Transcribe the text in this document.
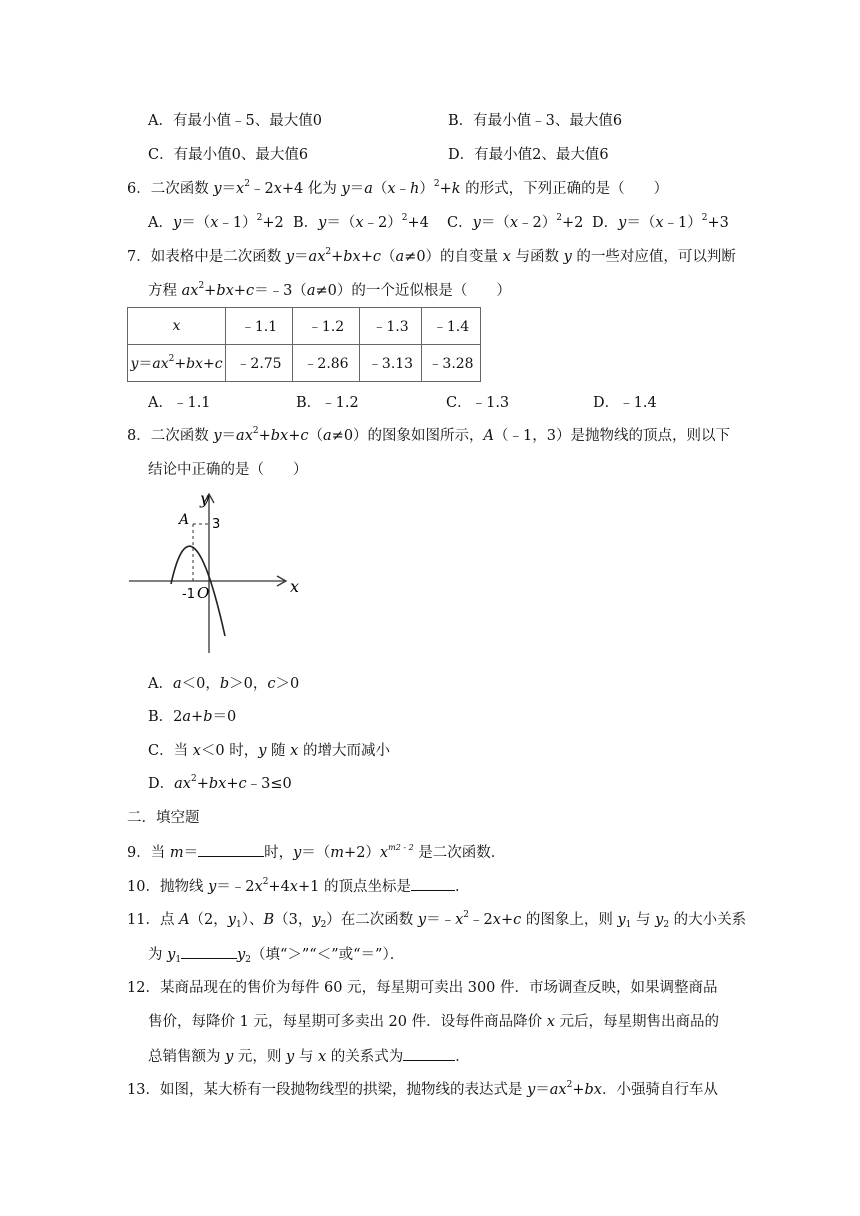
A．有最小值﹣5、最大值0	B．有最小值﹣3、最大值6
C．有最小值0、最大值6	D．有最小值2、最大值6
6．二次函数 $y=x^2﹣2x+4$ 化为 y＝a（x﹣h）$^2$+k 的形式，下列正确的是（　　）
A．y＝（x﹣1）$^2$+2 B．y＝（x﹣2）$^2$+4 C．y＝（x﹣2）$^2$+2 D．y＝（x﹣1）$^2$+3
7．如表格中是二次函数 $y=ax^2+bx+c(a\ne 0)$的自变量 x 与函数 y 的一些对应值，可以判断
方程 $ax^2+bx+c=﹣3(a\ne 0)$的一个近似根是（　　）
x	﹣1.1	﹣1.2	﹣1.3	﹣1.4
$y=ax^2+bx+c$	﹣2.75	﹣2.86	﹣3.13	﹣3.28
A．﹣1.1	B．﹣1.2	C．﹣1.3	D．﹣1.4
8．二次函数 $y=ax^2+bx+c(a\ne 0)$的图象如图所示，A（﹣1，3）是抛物线的顶点，则以下
结论中正确的是（　　）
y
x
A 3
-1 O
A．a＜0，b＞0，c＞0
B．2a+b＝0
C．当 x＜0 时，y 随 x 的增大而减小
D．$ax^2+bx+c﹣3\le 0$
二．填空题
9．当 m＝	时，$y=(m+2)x^{m2 - 2}$ 是二次函数．
10．抛物线 $y=﹣2x^2+4x+1$ 的顶点坐标是	．
11．点 A（2，$y_1$）、B（3，$y_2$）在二次函数 $y=﹣x^2﹣2x+c$ 的图象上，则 $y_1$ 与 $y_2$ 的大小关系
为 $y_1$	$y_2$（填“＞”“＜”或“＝”）．
12．某商品现在的售价为每件 60 元，每星期可卖出 300 件．市场调查反映，如果调整商品
售价，每降价 1 元，每星期可多卖出 20 件．设每件商品降价 x 元后，每星期售出商品的
总销售额为 y 元，则 y 与 x 的关系式为	．
13．如图，某大桥有一段抛物线型的拱梁，抛物线的表达式是 $y=ax^2+bx$．小强骑自行车从
